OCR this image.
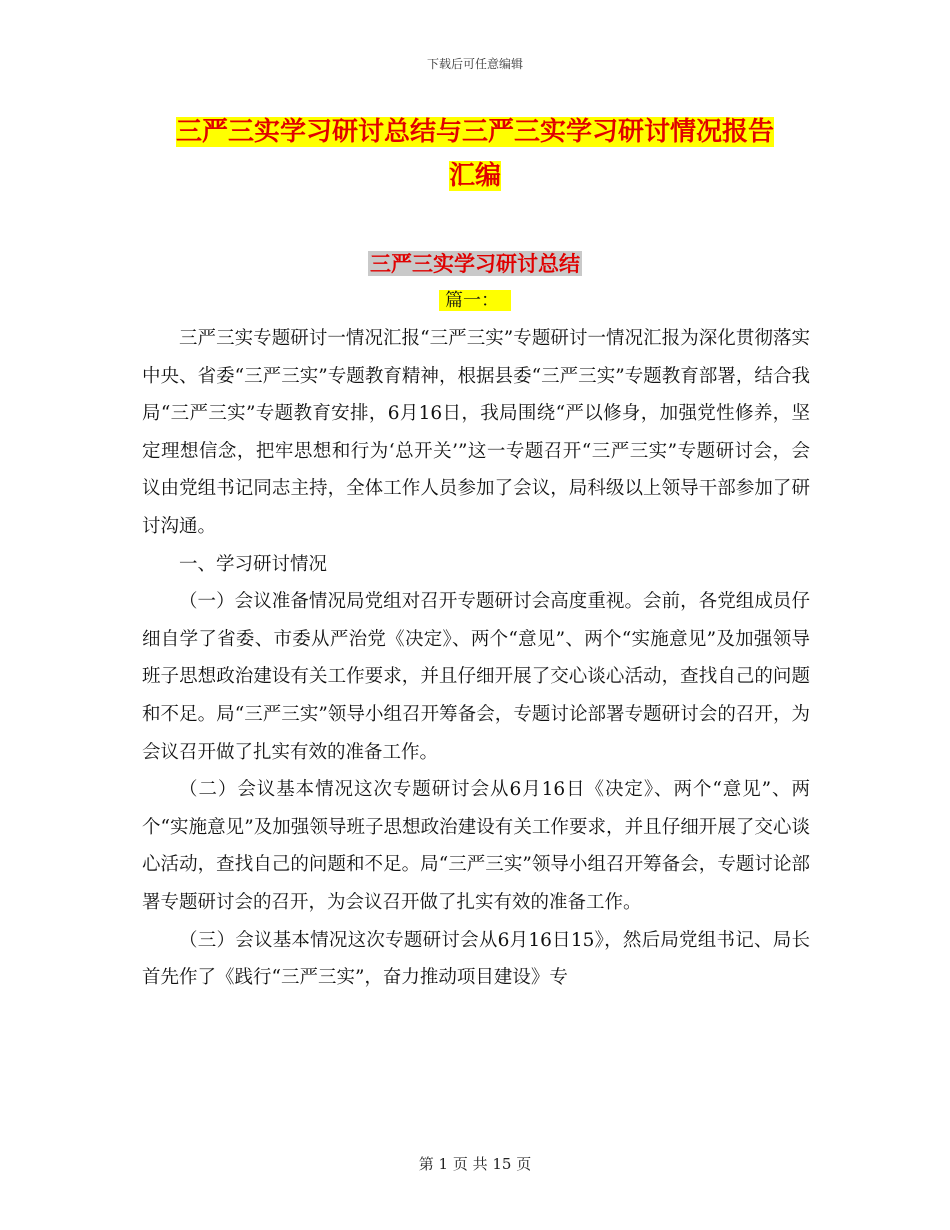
下载后可任意编辑
三严三实学习研讨总结与三严三实学习研讨情况报告
汇编
三严三实学习研讨总结
篇一：

三严三实专题研讨一情况汇报“三严三实”专题研讨一情况汇报为深化贯彻落实中央、省委“三严三实”专题教育精神，根据县委“三严三实”专题教育部署，结合我局“三严三实”专题教育安排，6月16日，我局围绕“严以修身，加强党性修养，坚定理想信念，把牢思想和行为‘总开关’”这一专题召开“三严三实”专题研讨会，会议由党组书记同志主持，全体工作人员参加了会议，局科级以上领导干部参加了研讨沟通。

一、学习研讨情况

（一）会议准备情况局党组对召开专题研讨会高度重视。会前，各党组成员仔细自学了省委、市委从严治党《决定》、两个“意见”、两个“实施意见”及加强领导班子思想政治建设有关工作要求，并且仔细开展了交心谈心活动，查找自己的问题和不足。局“三严三实”领导小组召开筹备会，专题讨论部署专题研讨会的召开，为会议召开做了扎实有效的准备工作。

（二）会议基本情况这次专题研讨会从6月16日《决定》、两个“意见”、两个“实施意见”及加强领导班子思想政治建设有关工作要求，并且仔细开展了交心谈心活动，查找自己的问题和不足。局“三严三实”领导小组召开筹备会，专题讨论部署专题研讨会的召开，为会议召开做了扎实有效的准备工作。

（三）会议基本情况这次专题研讨会从6月16日15》，然后局党组书记、局长首先作了《践行“三严三实”，奋力推动项目建设》专

第 1 页 共 15 页
